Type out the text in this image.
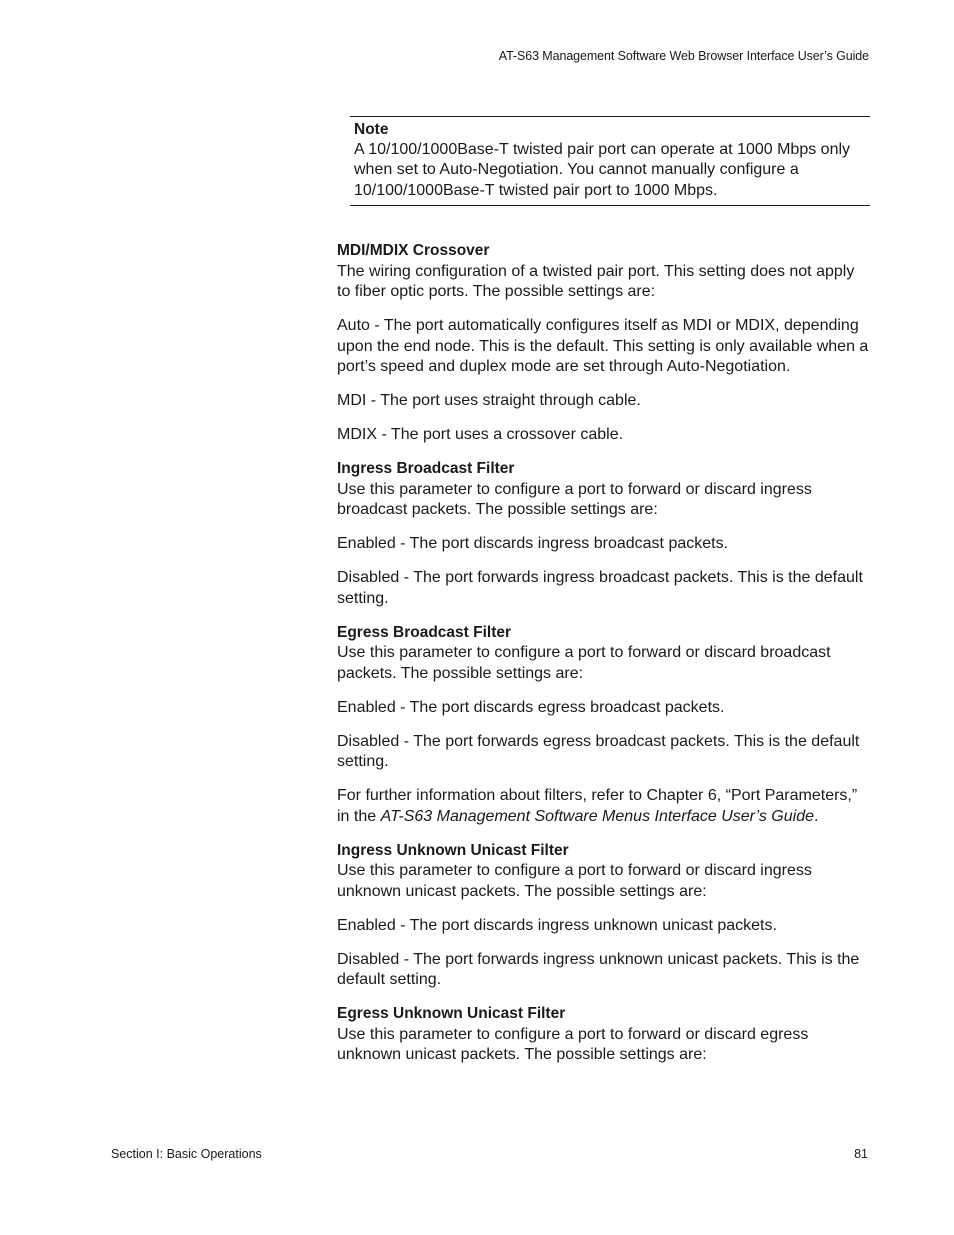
AT-S63 Management Software Web Browser Interface User’s Guide
Note
A 10/100/1000Base-T twisted pair port can operate at 1000 Mbps only when set to Auto-Negotiation. You cannot manually configure a 10/100/1000Base-T twisted pair port to 1000 Mbps.
MDI/MDIX Crossover

The wiring configuration of a twisted pair port. This setting does not apply to fiber optic ports. The possible settings are:

Auto - The port automatically configures itself as MDI or MDIX, depending upon the end node. This is the default. This setting is only available when a port’s speed and duplex mode are set through Auto-Negotiation.

MDI - The port uses straight through cable.

MDIX - The port uses a crossover cable.

Ingress Broadcast Filter

Use this parameter to configure a port to forward or discard ingress broadcast packets. The possible settings are:

Enabled - The port discards ingress broadcast packets.

Disabled - The port forwards ingress broadcast packets. This is the default setting.

Egress Broadcast Filter

Use this parameter to configure a port to forward or discard broadcast packets. The possible settings are:

Enabled - The port discards egress broadcast packets.

Disabled - The port forwards egress broadcast packets. This is the default setting.

For further information about filters, refer to Chapter 6, “Port Parameters,” in the AT-S63 Management Software Menus Interface User’s Guide.

Ingress Unknown Unicast Filter

Use this parameter to configure a port to forward or discard ingress unknown unicast packets. The possible settings are:

Enabled - The port discards ingress unknown unicast packets.

Disabled - The port forwards ingress unknown unicast packets. This is the default setting.

Egress Unknown Unicast Filter

Use this parameter to configure a port to forward or discard egress unknown unicast packets. The possible settings are:

Section I: Basic Operations	81
